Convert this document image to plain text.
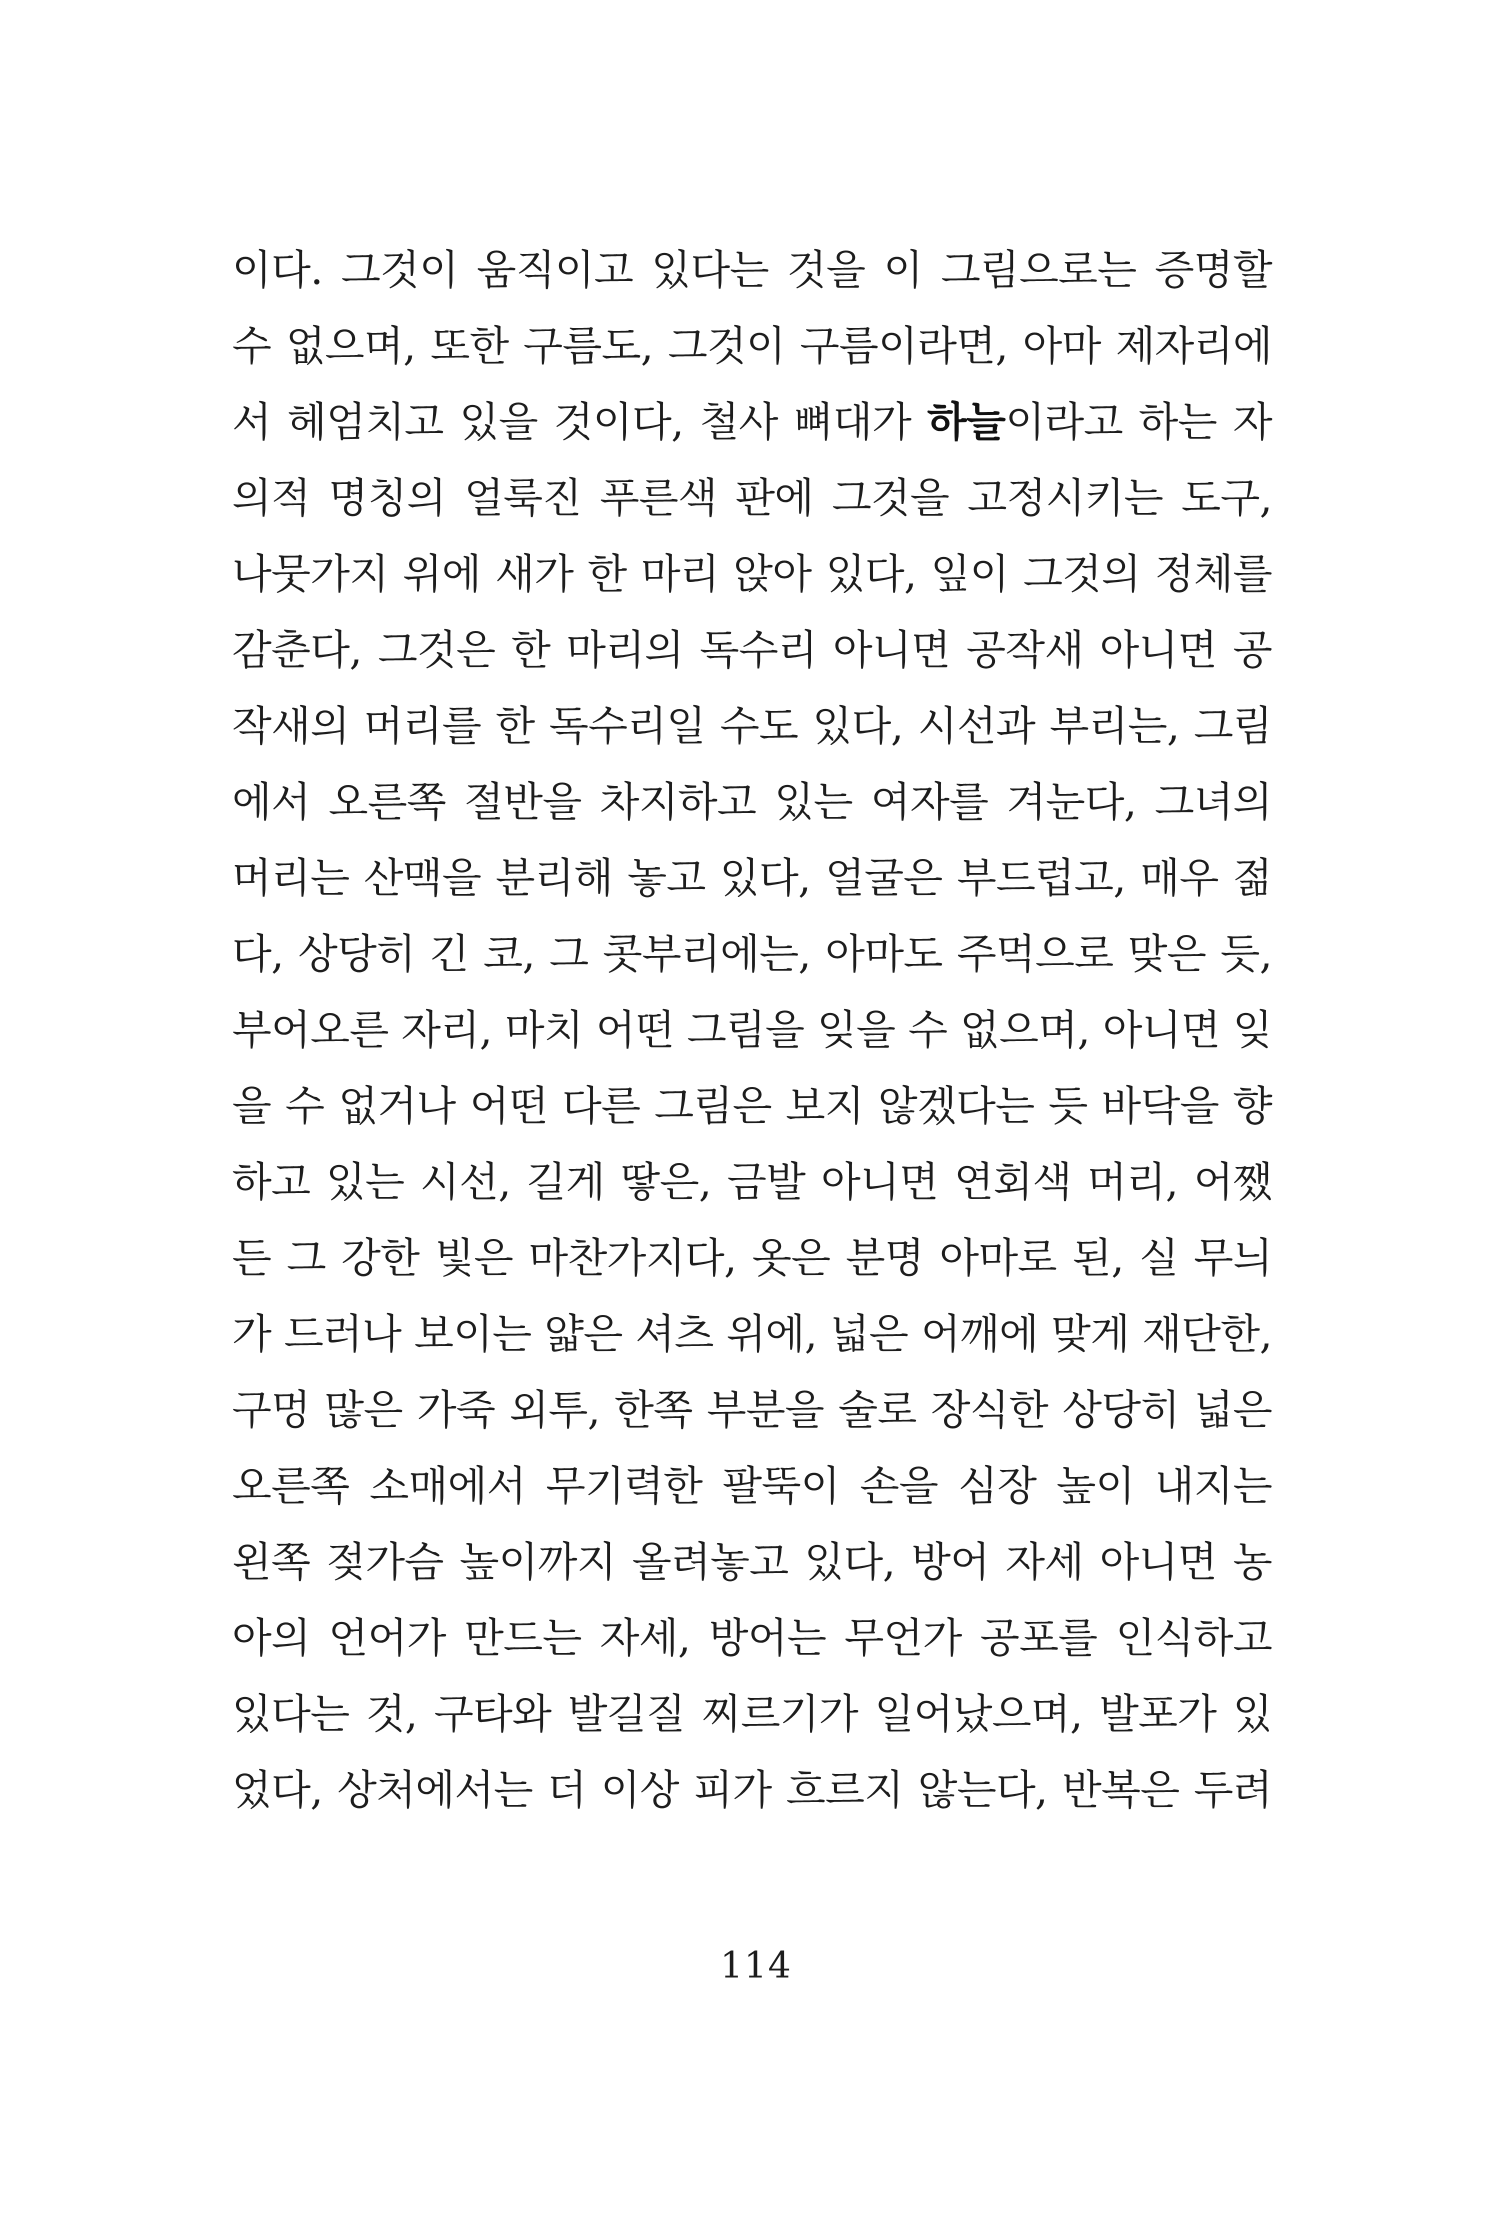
이다. 그것이 움직이고 있다는 것을 이 그림으로는 증명할
수 없으며, 또한 구름도, 그것이 구름이라면, 아마 제자리에
서 헤엄치고 있을 것이다, 철사 뼈대가 하늘이라고 하는 자
의적 명칭의 얼룩진 푸른색 판에 그것을 고정시키는 도구,
나뭇가지 위에 새가 한 마리 앉아 있다, 잎이 그것의 정체를
감춘다, 그것은 한 마리의 독수리 아니면 공작새 아니면 공
작새의 머리를 한 독수리일 수도 있다, 시선과 부리는, 그림
에서 오른쪽 절반을 차지하고 있는 여자를 겨눈다, 그녀의
머리는 산맥을 분리해 놓고 있다, 얼굴은 부드럽고, 매우 젊
다, 상당히 긴 코, 그 콧부리에는, 아마도 주먹으로 맞은 듯,
부어오른 자리, 마치 어떤 그림을 잊을 수 없으며, 아니면 잊
을 수 없거나 어떤 다른 그림은 보지 않겠다는 듯 바닥을 향
하고 있는 시선, 길게 땋은, 금발 아니면 연회색 머리, 어쨌
든 그 강한 빛은 마찬가지다, 옷은 분명 아마로 된, 실 무늬
가 드러나 보이는 얇은 셔츠 위에, 넓은 어깨에 맞게 재단한,
구멍 많은 가죽 외투, 한쪽 부분을 술로 장식한 상당히 넓은
오른쪽 소매에서 무기력한 팔뚝이 손을 심장 높이 내지는
왼쪽 젖가슴 높이까지 올려놓고 있다, 방어 자세 아니면 농
아의 언어가 만드는 자세, 방어는 무언가 공포를 인식하고
있다는 것, 구타와 발길질 찌르기가 일어났으며, 발포가 있
었다, 상처에서는 더 이상 피가 흐르지 않는다, 반복은 두려
114
